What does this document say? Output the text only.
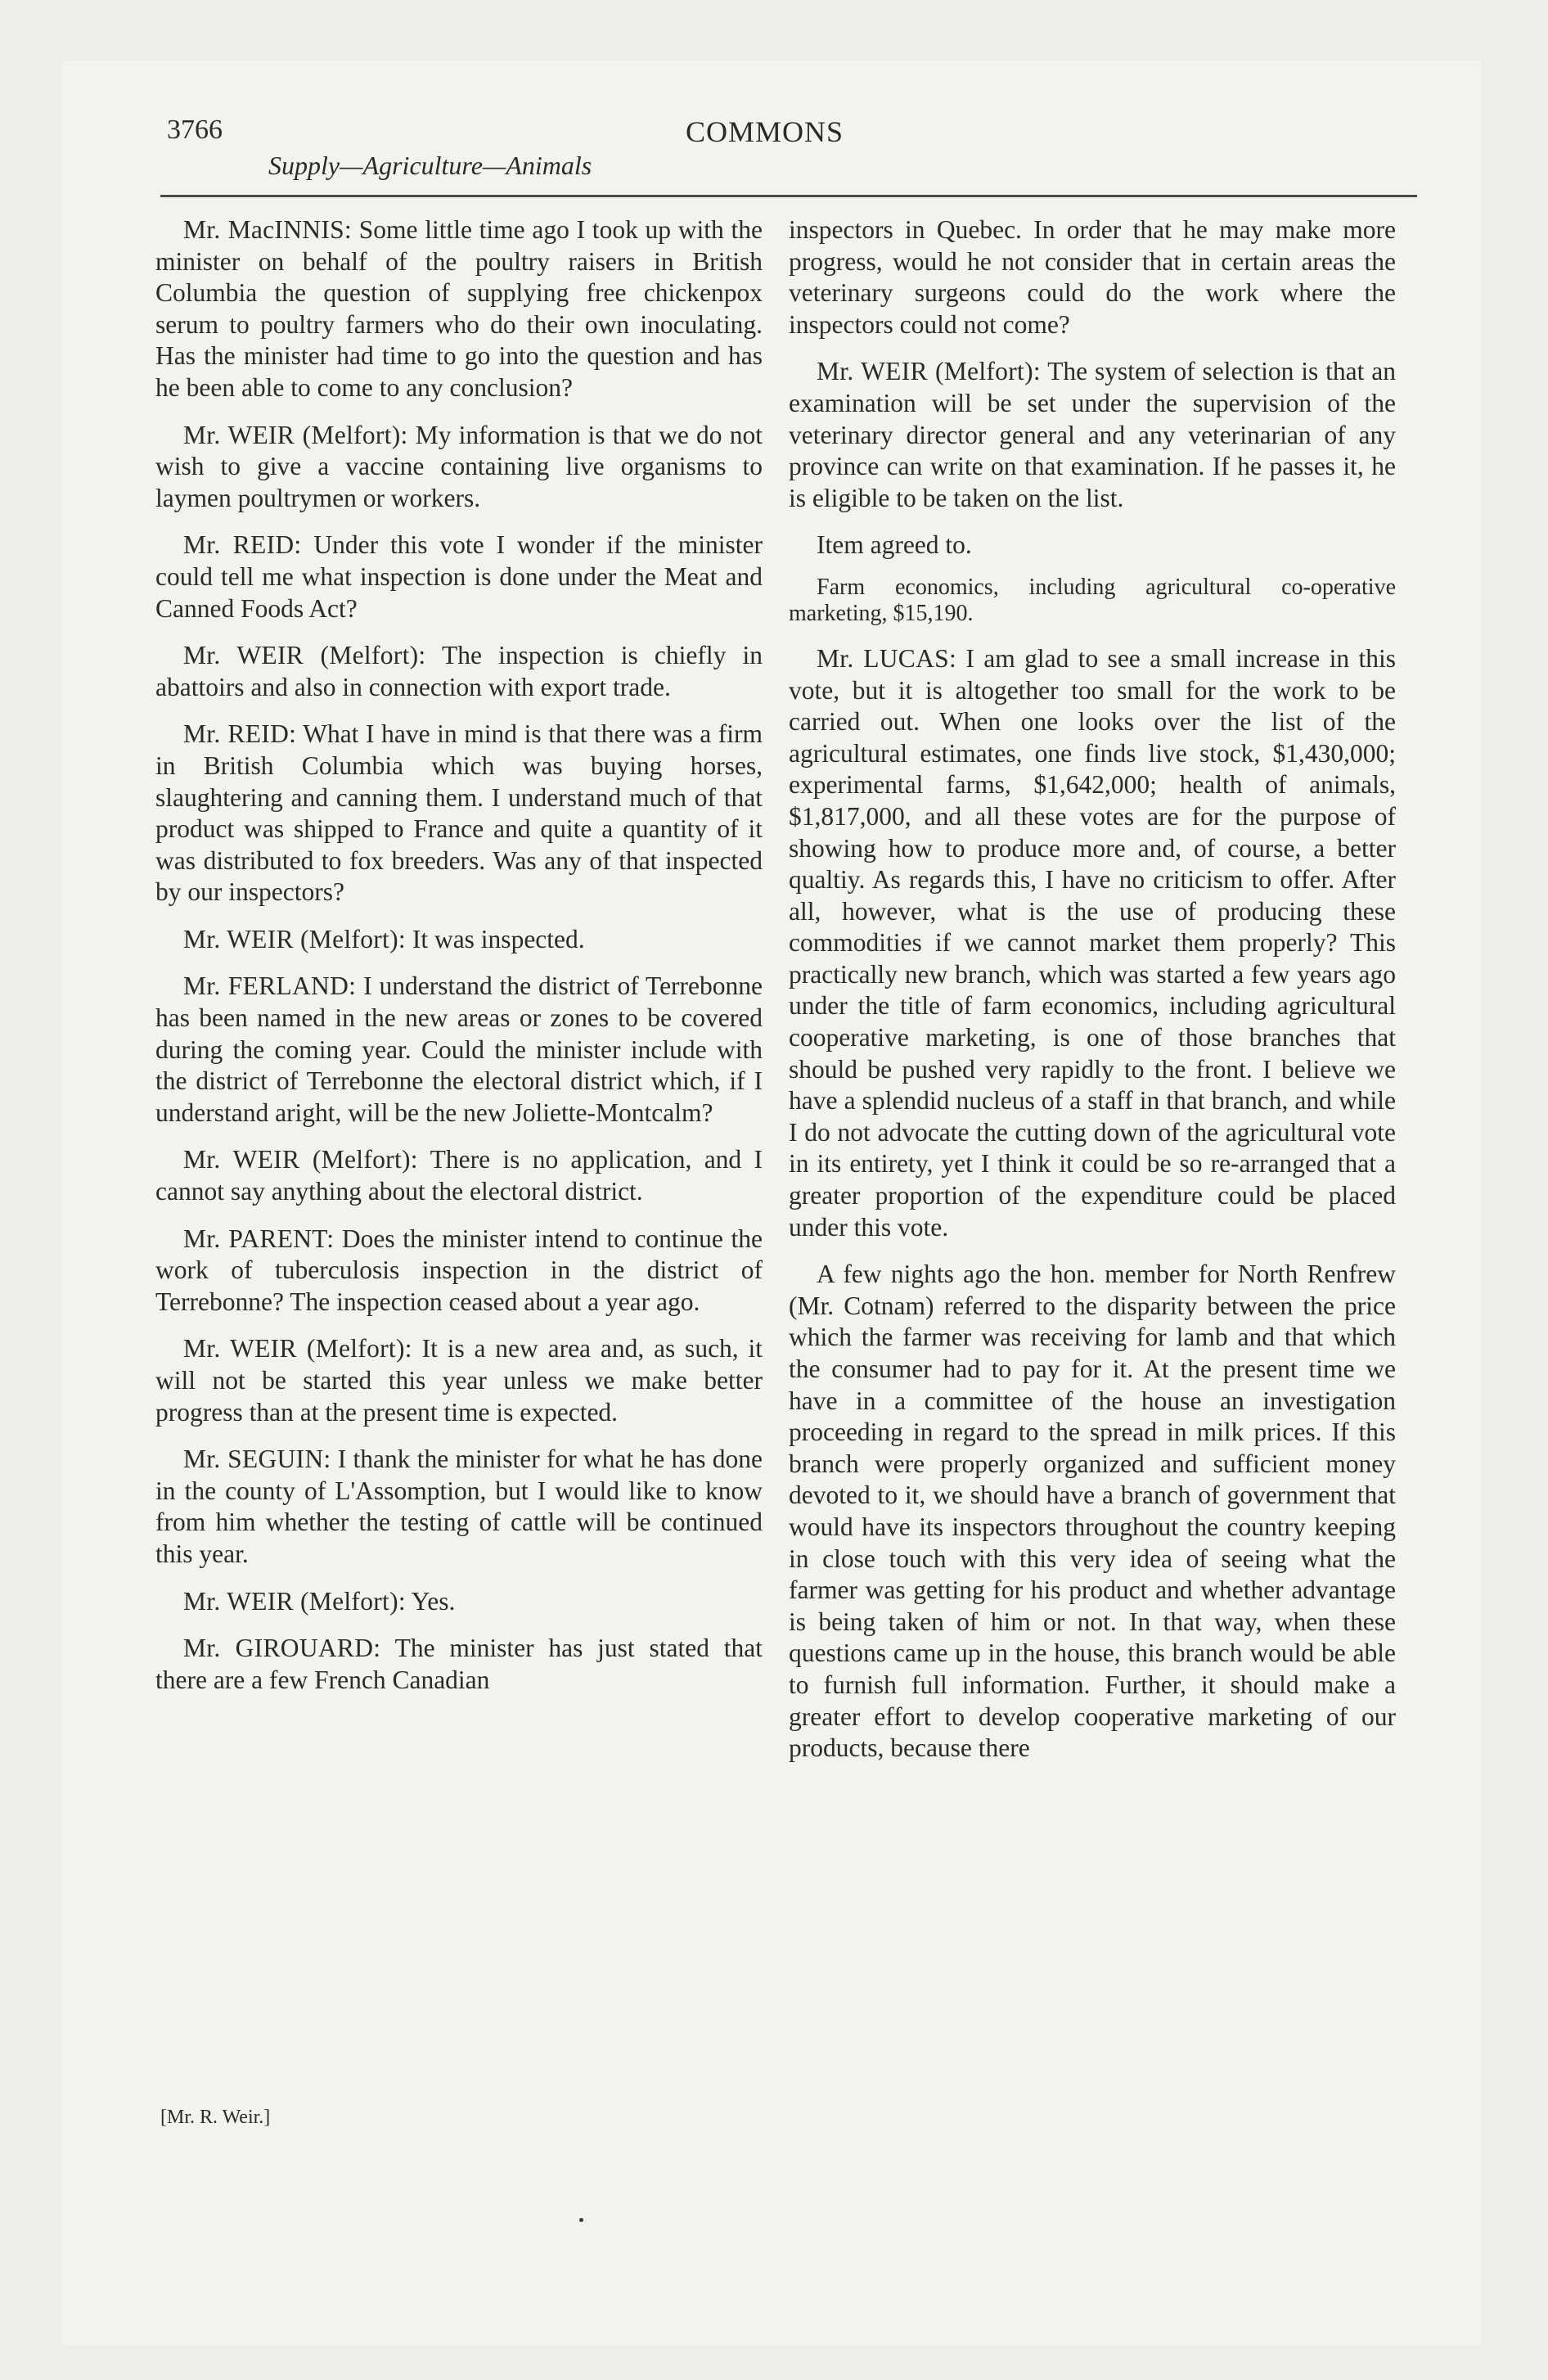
3766	COMMONS
Supply—Agriculture—Animals

Mr. MacINNIS: Some little time ago I took up with the minister on behalf of the poultry raisers in British Columbia the question of supplying free chickenpox serum to poultry farmers who do their own inoculating. Has the minister had time to go into the question and has he been able to come to any conclusion?

Mr. WEIR (Melfort): My information is that we do not wish to give a vaccine containing live organisms to laymen poultrymen or workers.

Mr. REID: Under this vote I wonder if the minister could tell me what inspection is done under the Meat and Canned Foods Act?

Mr. WEIR (Melfort): The inspection is chiefly in abattoirs and also in connection with export trade.

Mr. REID: What I have in mind is that there was a firm in British Columbia which was buying horses, slaughtering and canning them. I understand much of that product was shipped to France and quite a quantity of it was distributed to fox breeders. Was any of that inspected by our inspectors?

Mr. WEIR (Melfort): It was inspected.

Mr. FERLAND: I understand the district of Terrebonne has been named in the new areas or zones to be covered during the coming year. Could the minister include with the district of Terrebonne the electoral district which, if I understand aright, will be the new Joliette-Montcalm?

Mr. WEIR (Melfort): There is no application, and I cannot say anything about the electoral district.

Mr. PARENT: Does the minister intend to continue the work of tuberculosis inspection in the district of Terrebonne? The inspection ceased about a year ago.

Mr. WEIR (Melfort): It is a new area and, as such, it will not be started this year unless we make better progress than at the present time is expected.

Mr. SEGUIN: I thank the minister for what he has done in the county of L'Assomption, but I would like to know from him whether the testing of cattle will be continued this year.

Mr. WEIR (Melfort): Yes.

Mr. GIROUARD: The minister has just stated that there are a few French Canadian

inspectors in Quebec. In order that he may make more progress, would he not consider that in certain areas the veterinary surgeons could do the work where the inspectors could not come?

Mr. WEIR (Melfort): The system of selection is that an examination will be set under the supervision of the veterinary director general and any veterinarian of any province can write on that examination. If he passes it, he is eligible to be taken on the list.

Item agreed to.

Farm economics, including agricultural co-operative marketing, $15,190.

Mr. LUCAS: I am glad to see a small increase in this vote, but it is altogether too small for the work to be carried out. When one looks over the list of the agricultural estimates, one finds live stock, $1,430,000; experimental farms, $1,642,000; health of animals, $1,817,000, and all these votes are for the purpose of showing how to produce more and, of course, a better qualtiy. As regards this, I have no criticism to offer. After all, however, what is the use of producing these commodities if we cannot market them properly? This practically new branch, which was started a few years ago under the title of farm economics, including agricultural cooperative marketing, is one of those branches that should be pushed very rapidly to the front. I believe we have a splendid nucleus of a staff in that branch, and while I do not advocate the cutting down of the agricultural vote in its entirety, yet I think it could be so re-arranged that a greater proportion of the expenditure could be placed under this vote.

A few nights ago the hon. member for North Renfrew (Mr. Cotnam) referred to the disparity between the price which the farmer was receiving for lamb and that which the consumer had to pay for it. At the present time we have in a committee of the house an investigation proceeding in regard to the spread in milk prices. If this branch were properly organized and sufficient money devoted to it, we should have a branch of government that would have its inspectors throughout the country keeping in close touch with this very idea of seeing what the farmer was getting for his product and whether advantage is being taken of him or not. In that way, when these questions came up in the house, this branch would be able to furnish full information. Further, it should make a greater effort to develop cooperative marketing of our products, because there

[Mr. R. Weir.]
